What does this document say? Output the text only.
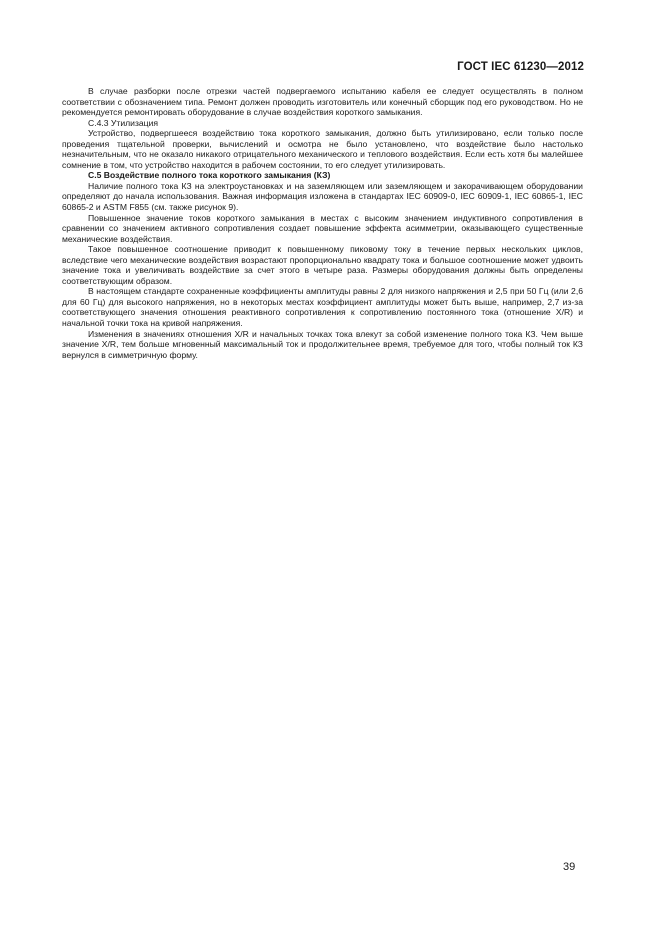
ГОСТ IEC 61230—2012

В случае разборки после отрезки частей подвергаемого испытанию кабеля ее следует осуществлять в полном соответствии с обозначением типа. Ремонт должен проводить изготовитель или конечный сборщик под его руководством. Но не рекомендуется ремонтировать оборудование в случае воздействия короткого замыкания.

С.4.3 Утилизация

Устройство, подвергшееся воздействию тока короткого замыкания, должно быть утилизировано, если только после проведения тщательной проверки, вычислений и осмотра не было установлено, что воздействие было настолько незначительным, что не оказало никакого отрицательного механического и теплового воздействия. Если есть хотя бы малейшее сомнение в том, что устройство находится в рабочем состоянии, то его следует утилизировать.

С.5 Воздействие полного тока короткого замыкания (КЗ)

Наличие полного тока КЗ на электроустановках и на заземляющем или заземляющем и закорачивающем оборудовании определяют до начала использования. Важная информация изложена в стандартах IEC 60909-0, IEC 60909-1, IEC 60865-1, IEC 60865-2 и ASTM F855 (см. также рисунок 9).

Повышенное значение токов короткого замыкания в местах с высоким значением индуктивного сопротивления в сравнении со значением активного сопротивления создает повышение эффекта асимметрии, оказывающего существенные механические воздействия.

Такое повышенное соотношение приводит к повышенному пиковому току в течение первых нескольких циклов, вследствие чего механические воздействия возрастают пропорционально квадрату тока и большое соотношение может удвоить значение тока и увеличивать воздействие за счет этого в четыре раза. Размеры оборудования должны быть определены соответствующим образом.

В настоящем стандарте сохраненные коэффициенты амплитуды равны 2 для низкого напряжения и 2,5 при 50 Гц (или 2,6 для 60 Гц) для высокого напряжения, но в некоторых местах коэффициент амплитуды может быть выше, например, 2,7 из-за соответствующего значения отношения реактивного сопротивления к сопротивлению постоянного тока (отношение X/R) и начальной точки тока на кривой напряжения.

Изменения в значениях отношения X/R и начальных точках тока влекут за собой изменение полного тока КЗ. Чем выше значение X/R, тем больше мгновенный максимальный ток и продолжительнее время, требуемое для того, чтобы полный ток КЗ вернулся в симметричную форму.

39
